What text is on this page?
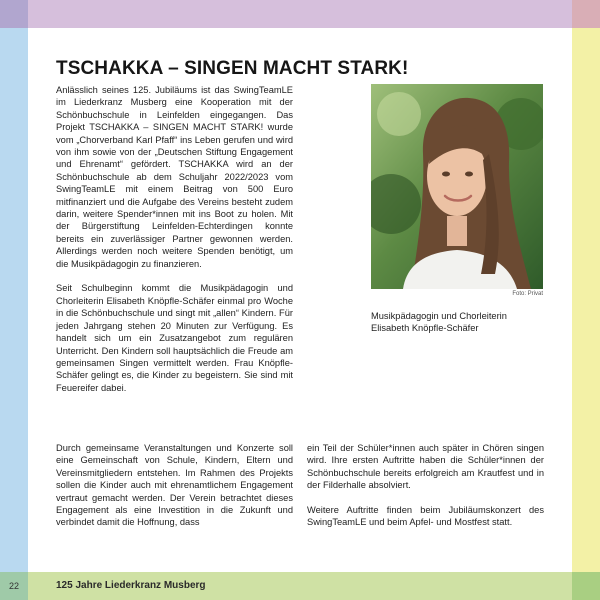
TSCHAKKA – SINGEN MACHT STARK!

Anlässlich seines 125. Jubiläums ist das SwingTeamLE im Liederkranz Musberg eine Kooperation mit der Schönbuchschule in Leinfelden eingegangen. Das Projekt TSCHAKKA – SINGEN MACHT STARK! wurde vom „Chorverband Karl Pfaff“ ins Leben gerufen und wird von ihm sowie von der „Deutschen Stiftung Engagement und Ehrenamt“ gefördert. TSCHAKKA wird an der Schönbuchschule ab dem Schuljahr 2022/2023 vom SwingTeamLE mit einem Beitrag von 500 Euro mitfinanziert und die Aufgabe des Vereins besteht zudem darin, weitere Spender*innen mit ins Boot zu holen. Mit der Bürgerstiftung Leinfelden-Echterdingen konnte bereits ein zuverlässiger Partner gewonnen werden. Allerdings werden noch weitere Spenden benötigt, um die Musikpädagogin zu finanzieren.

Seit Schulbeginn kommt die Musikpädagogin und Chorleiterin Elisabeth Knöpfle-Schäfer einmal pro Woche in die Schönbuchschule und singt mit „allen“ Kindern. Für jeden Jahrgang stehen 20 Minuten zur Verfügung. Es handelt sich um ein Zusatzangebot zum regulären Unterricht. Den Kindern soll hauptsächlich die Freude am gemeinsamen Singen vermittelt werden. Frau Knöpfle-Schäfer gelingt es, die Kinder zu begeistern. Sie sind mit Feuereifer dabei.

Foto: Privat
Musikpädagogin und Chorleiterin Elisabeth Knöpfle-Schäfer

Durch gemeinsame Veranstaltungen und Konzerte soll eine Gemeinschaft von Schule, Kindern, Eltern und Vereinsmitgliedern entstehen. Im Rahmen des Projekts sollen die Kinder auch mit ehrenamtlichem Engagement vertraut gemacht werden. Der Verein betrachtet dieses Engagement als eine Investition in die Zukunft und verbindet damit die Hoffnung, dass

ein Teil der Schüler*innen auch später in Chören singen wird. Ihre ersten Auftritte haben die Schüler*innen der Schönbuchschule bereits erfolgreich am Krautfest und in der Filderhalle absolviert.

Weitere Auftritte finden beim Jubiläumskonzert des SwingTeamLE und beim Apfel- und Mostfest statt.

22	125 Jahre Liederkranz Musberg
